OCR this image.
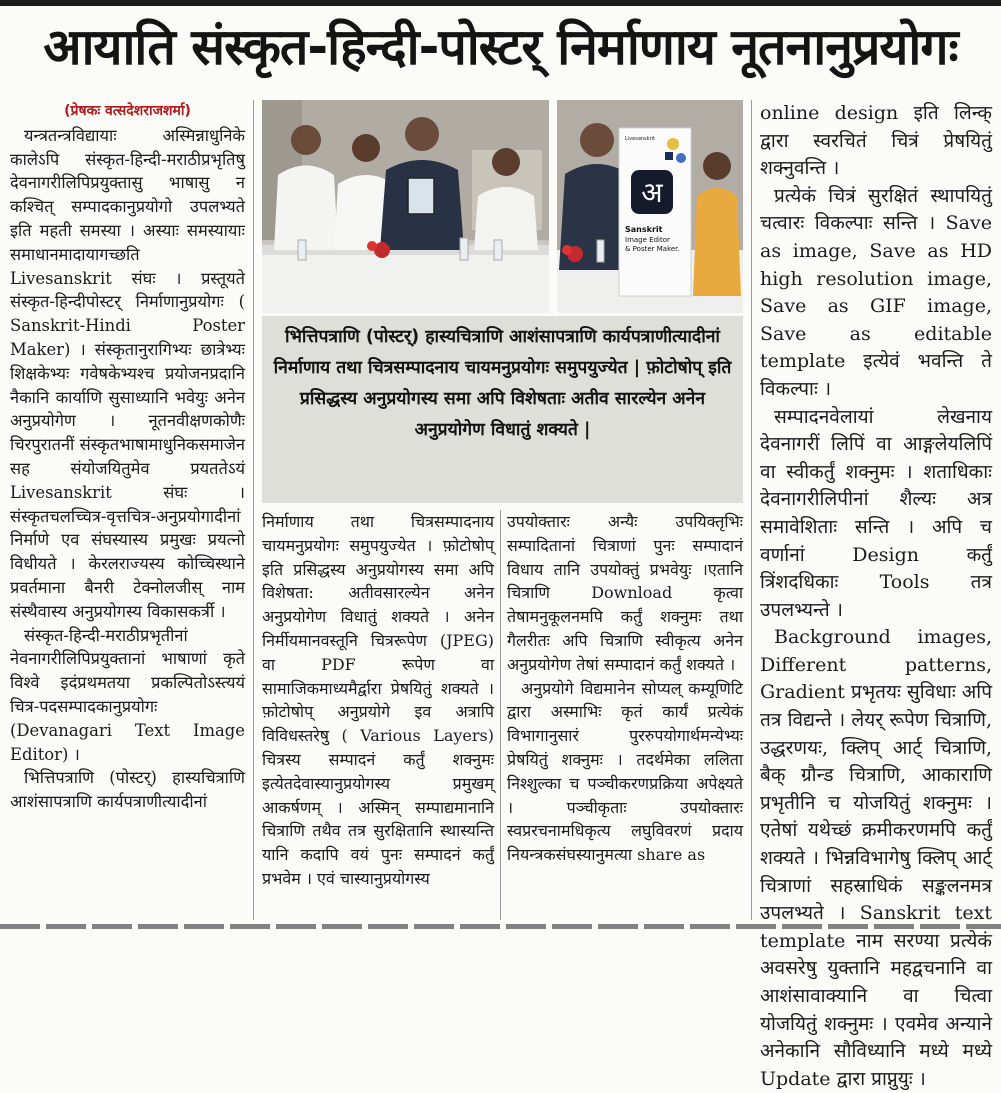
आयाति संस्कृत-हिन्दी-पोस्टर् निर्माणाय नूतनानुप्रयोगः

(प्रेषकः वत्सदेशराजशर्मा)

यन्त्रतन्त्रविद्यायाः अस्मिन्नाधुनिके कालेऽपि संस्कृत-हिन्दी-मराठीप्रभृतिषु देवनागरीलिपिप्रयुक्तासु भाषासु न कश्चित् सम्पादकानुप्रयोगो उपलभ्यते इति महती समस्या । अस्याः समस्यायाः समाधानमादायागच्छति Livesanskrit संघः । प्रस्तूयते संस्कृत-हिन्दीपोस्टर् निर्माणानुप्रयोगः ( Sanskrit-Hindi Poster Maker) । संस्कृतानुरागिभ्यः छात्रेभ्यः शिक्षकेभ्यः गवेषकेभ्यश्च प्रयोजनप्रदानि नैकानि कार्याणि सुसाध्यानि भवेयुः अनेन अनुप्रयोगेण । नूतनवीक्षणकोणैः चिरपुरातनीं संस्कृतभाषामाधुनिकसमाजेन सह संयोजयितुमेव प्रयततेऽयं Livesanskrit संघः । संस्कृतचलच्चित्र-वृत्तचित्र-अनुप्रयोगादीनां निर्माणे एव संघस्यास्य प्रमुखः प्रयत्नो विधीयते । केरलराज्यस्य कोच्चिस्थाने प्रवर्तमाना बैनरी टेक्नोलजीस् नाम संस्थैवास्य अनुप्रयोगस्य विकासकर्त्री ।

संस्कृत-हिन्दी-मराठीप्रभृतीनां नेवनागरीलिपिप्रयुक्तानां भाषाणां कृते विश्वे इदंप्रथमतया प्रकल्पितोऽस्त्ययं चित्र-पदसम्पादकानुप्रयोगः (Devanagari Text Image Editor) ।

भित्तिपत्राणि (पोस्टर्) हास्यचित्राणि आशंसापत्राणि कार्यपत्राणीत्यादीनां

अ
Livesanskrit
Sanskrit
Image Editor
& Poster Maker.
भित्तिपत्राणि (पोस्टर्) हास्यचित्राणि आशंसापत्राणि कार्यपत्राणीत्यादीनां निर्माणाय तथा चित्रसम्पादनाय चायमनुप्रयोगः समुपयुज्येत | फ़ोटोषोप् इति प्रसिद्धस्य अनुप्रयोगस्य समा अपि विशेषताः अतीव सारल्येन अनेन अनुप्रयोगेण विधातुं शक्यते |

निर्माणाय तथा चित्रसम्पादनाय चायमनुप्रयोगः समुपयुज्येत । फ़ोटोषोप् इति प्रसिद्धस्य अनुप्रयोगस्य समा अपि विशेषता: अतीवसारल्येन अनेन अनुप्रयोगेण विधातुं शक्यते । अनेन निर्मीयमानवस्तूनि चित्ररूपेण (JPEG) वा PDF रूपेण वा सामाजिकमाध्यमैर्द्वारा प्रेषयितुं शक्यते । फ़ोटोषोप् अनुप्रयोगे इव अत्रापि विविधस्तरेषु ( Various Layers) चित्रस्य सम्पादनं कर्तुं शक्नुमः इत्येतदेवास्यानुप्रयोगस्य प्रमुखम् आकर्षणम् । अस्मिन् सम्पाद्यमानानि चित्राणि तथैव तत्र सुरक्षितानि स्थास्यन्ति यानि कदापि वयं पुनः सम्पादनं कर्तुं प्रभवेम । एवं चास्यानुप्रयोगस्य

उपयोक्तारः अन्यैः उपयिक्तृभिः सम्पादितानां चित्राणां पुनः सम्पादानं विधाय तानि उपयोक्तुं प्रभवेयुः ।एतानि चित्राणि Download कृत्वा तेषामनुकूलनमपि कर्तुं शक्नुमः तथा गैलरीतः अपि चित्राणि स्वीकृत्य अनेन अनुप्रयोगेण तेषां सम्पादानं कर्तुं शक्यते ।

अनुप्रयोगे विद्यमानेन सोप्यल् कम्यूणिटि द्वारा अस्माभिः कृतं कार्यं प्रत्येकं विभागानुसारं पुररुपयोगार्थमन्येभ्यः प्रेषयितुं शक्नुमः । तदर्थमेका ललिता निश्शुल्का च पञ्चीकरणप्रक्रिया अपेक्ष्यते । पञ्चीकृताः उपयोक्तारः स्वप्ररचनामधिकृत्य लघुविवरणं प्रदाय नियन्त्रकसंघस्यानुमत्या share as

online design इति लिन्क् द्वारा स्वरचितं चित्रं प्रेषयितुं शक्नुवन्ति ।

प्रत्येकं चित्रं सुरक्षितं स्थापयितुं चत्वारः विकल्पाः सन्ति । Save as image, Save as HD high resolution image, Save as GIF image, Save as editable template इत्येवं भवन्ति ते विकल्पाः ।

सम्पादनवेलायां लेखनाय देवनागरीं लिपिं वा आङ्गलेयलिपिं वा स्वीकर्तुं शक्नुमः । शताधिकाः देवनागरीलिपीनां शैल्यः अत्र समावेशिताः सन्ति । अपि च वर्णानां Design कर्तुं त्रिंशदधिकाः Tools तत्र उपलभ्यन्ते ।

Background images, Different patterns, Gradient प्रभृतयः सुविधाः अपि तत्र विद्यन्ते । लेयर् रूपेण चित्राणि, उद्धरणयः, क्लिप् आर्ट् चित्राणि, बैक् ग्रौन्ड चित्राणि, आकाराणि प्रभृतीनि च योजयितुं शक्नुमः । एतेषां यथेच्छं क्रमीकरणमपि कर्तुं शक्यते । भिन्नविभागेषु क्लिप् आर्ट् चित्राणां सहस्राधिकं सङ्कलनमत्र उपलभ्यते । Sanskrit text template नाम सरण्या प्रत्येकं अवसरेषु युक्तानि महद्वचनानि वा आशंसावाक्यानि वा चित्वा योजयितुं शक्नुमः । एवमेव अन्याने अनेकानि सौविध्यानि मध्ये मध्ये Update द्वारा प्राप्नुयुः ।
